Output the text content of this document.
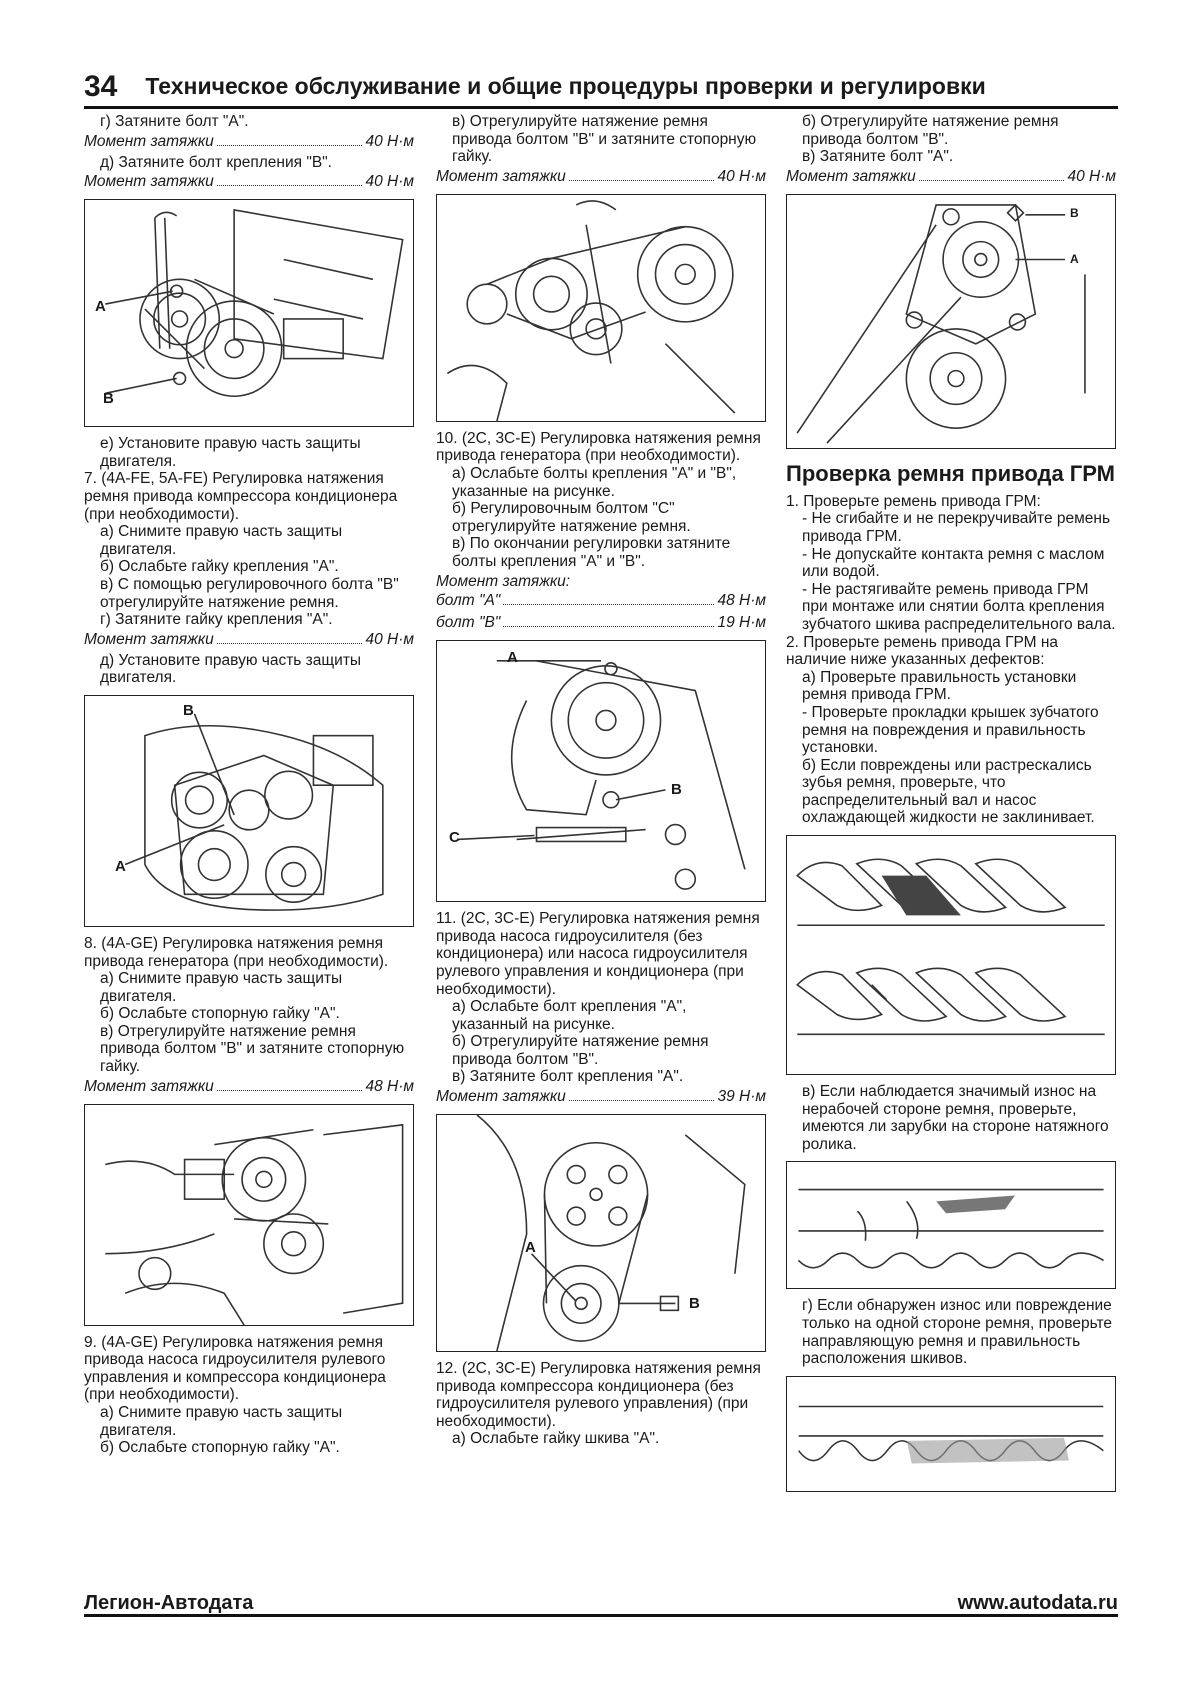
34 Техническое обслуживание и общие процедуры проверки и регулировки

г) Затяните болт "А".

Момент затяжки	40 Н·м

д) Затяните болт крепления "В".

Момент затяжки	40 Н·м
A
B

е) Установите правую часть защиты двигателя.

7. (4A-FE, 5A-FE) Регулировка натяжения ремня привода компрессора кондиционера (при необходимости).

а) Снимите правую часть защиты двигателя.

б) Ослабьте гайку крепления "А".

в) С помощью регулировочного болта "В" отрегулируйте натяжение ремня.

г) Затяните гайку крепления "А".

Момент затяжки	40 Н·м

д) Установите правую часть защиты двигателя.

B
A

8. (4A-GE) Регулировка натяжения ремня привода генератора (при необходимости).

а) Снимите правую часть защиты двигателя.

б) Ослабьте стопорную гайку "А".

в) Отрегулируйте натяжение ремня привода болтом "В" и затяните стопорную гайку.

Момент затяжки	48 Н·м

9. (4A-GE) Регулировка натяжения ремня привода насоса гидроусилителя рулевого управления и компрессора кондиционера (при необходимости).

а) Снимите правую часть защиты двигателя.

б) Ослабьте стопорную гайку "А".

в) Отрегулируйте натяжение ремня привода болтом "В" и затяните стопорную гайку.

Момент затяжки	40 Н·м

10. (2C, 3C-E) Регулировка натяжения ремня привода генератора (при необходимости).

а) Ослабьте болты крепления "А" и "В", указанные на рисунке.

б) Регулировочным болтом "С" отрегулируйте натяжение ремня.

в) По окончании регулировки затяните болты крепления "А" и "В".

Момент затяжки:
болт "А"	48 Н·м
болт "В"	19 Н·м
A
B
C

11. (2C, 3C-E) Регулировка натяжения ремня привода насоса гидроусилителя (без кондиционера) или насоса гидроусилителя рулевого управления и кондиционера (при необходимости).

а) Ослабьте болт крепления "А", указанный на рисунке.

б) Отрегулируйте натяжение ремня привода болтом "В".

в) Затяните болт крепления "А".

Момент затяжки	39 Н·м
A
B

12. (2C, 3C-E) Регулировка натяжения ремня привода компрессора кондиционера (без гидроусилителя рулевого управления) (при необходимости).

а) Ослабьте гайку шкива "А".

б) Отрегулируйте натяжение ремня привода болтом "В".

в) Затяните болт "А".

Момент затяжки	40 Н·м
B
A
Проверка ремня привода ГРМ

1. Проверьте ремень привода ГРМ:

- Не сгибайте и не перекручивайте ремень привода ГРМ.

- Не допускайте контакта ремня с маслом или водой.

- Не растягивайте ремень привода ГРМ при монтаже или снятии болта крепления зубчатого шкива распределительного вала.

2. Проверьте ремень привода ГРМ на наличие ниже указанных дефектов:

а) Проверьте правильность установки ремня привода ГРМ.

- Проверьте прокладки крышек зубчатого ремня на повреждения и правильность установки.

б) Если повреждены или растрескались зубья ремня, проверьте, что распределительный вал и насос охлаждающей жидкости не заклинивает.

в) Если наблюдается значимый износ на нерабочей стороне ремня, проверьте, имеются ли зарубки на стороне натяжного ролика.

г) Если обнаружен износ или повреждение только на одной стороне ремня, проверьте направляющую ремня и правильность расположения шкивов.

Легион-Автодата	www.autodata.ru
